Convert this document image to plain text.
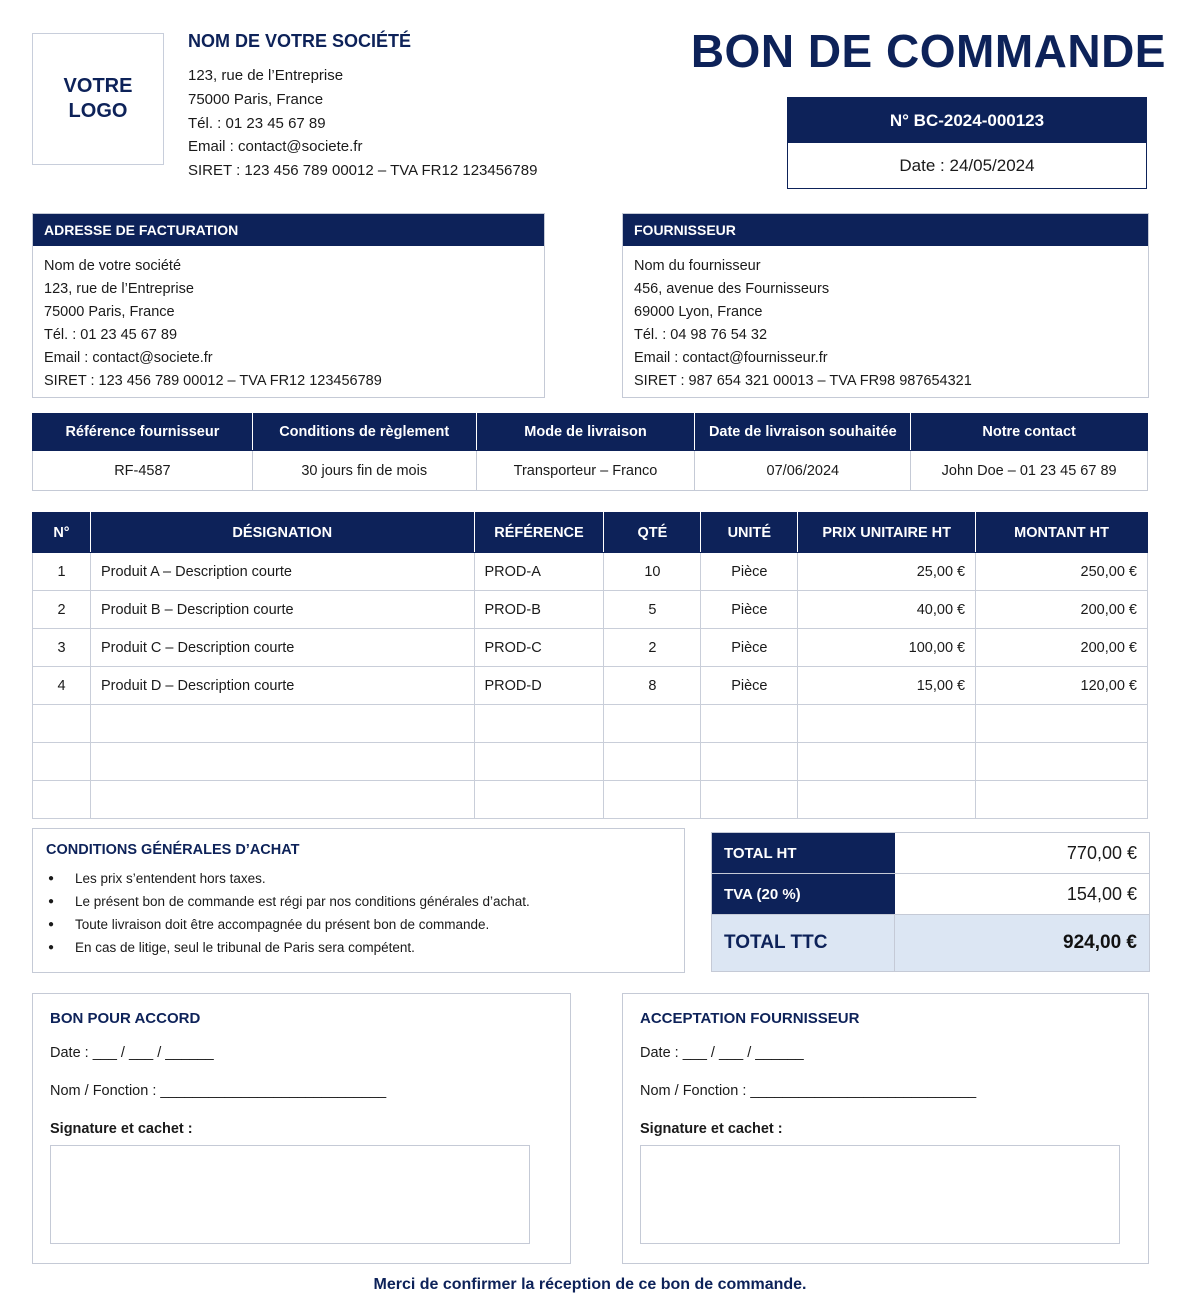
VOTRE
LOGO
NOM DE VOTRE SOCIÉTÉ
123, rue de l’Entreprise
75000 Paris, France
Tél. : 01 23 45 67 89
Email : contact@societe.fr
SIRET : 123 456 789 00012 – TVA FR12 123456789
BON DE COMMANDE
N° BC-2024-000123
Date : 24/05/2024
ADRESSE DE FACTURATION
Nom de votre société
123, rue de l’Entreprise
75000 Paris, France
Tél. : 01 23 45 67 89
Email : contact@societe.fr
SIRET : 123 456 789 00012 – TVA FR12 123456789
FOURNISSEUR
Nom du fournisseur
456, avenue des Fournisseurs
69000 Lyon, France
Tél. : 04 98 76 54 32
Email : contact@fournisseur.fr
SIRET : 987 654 321 00013 – TVA FR98 987654321
Référence fournisseur	Conditions de règlement	Mode de livraison	Date de livraison souhaitée	Notre contact
RF-4587	30 jours fin de mois	Transporteur – Franco	07/06/2024	John Doe – 01 23 45 67 89
N°	DÉSIGNATION	RÉFÉRENCE	QTÉ	UNITÉ	PRIX UNITAIRE HT	MONTANT HT
1	Produit A – Description courte	PROD-A	10	Pièce	25,00 €	250,00 €
2	Produit B – Description courte	PROD-B	5	Pièce	40,00 €	200,00 €
3	Produit C – Description courte	PROD-C	2	Pièce	100,00 €	200,00 €
4	Produit D – Description courte	PROD-D	8	Pièce	15,00 €	120,00 €

CONDITIONS GÉNÉRALES D’ACHAT
● Les prix s’entendent hors taxes.
● Le présent bon de commande est régi par nos conditions générales d’achat.
● Toute livraison doit être accompagnée du présent bon de commande.
● En cas de litige, seul le tribunal de Paris sera compétent.
TOTAL HT	770,00 €
TVA (20 %)	154,00 €
TOTAL TTC	924,00 €
BON POUR ACCORD
Date : ___ / ___ / ______
Nom / Fonction : ____________________________
Signature et cachet :
ACCEPTATION FOURNISSEUR
Date : ___ / ___ / ______
Nom / Fonction : ____________________________
Signature et cachet :
Merci de confirmer la réception de ce bon de commande.
